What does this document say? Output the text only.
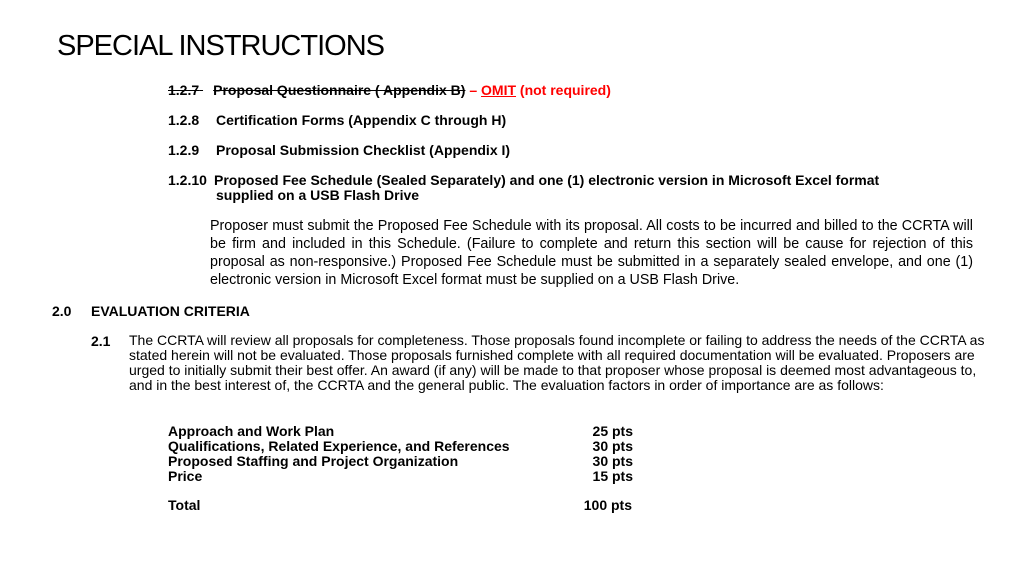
SPECIAL INSTRUCTIONS
1.2.7 Proposal Questionnaire ( Appendix B) – OMIT (not required)
1.2.8 Certification Forms (Appendix C through H)
1.2.9 Proposal Submission Checklist (Appendix I)
1.2.10 Proposed Fee Schedule (Sealed Separately) and one (1) electronic version in Microsoft Excel format
supplied on a USB Flash Drive
Proposer must submit the Proposed Fee Schedule with its proposal. All costs to be incurred and billed to the CCRTA will be firm and included in this Schedule. (Failure to complete and return this section will be cause for rejection of this proposal as non-responsive.) Proposed Fee Schedule must be submitted in a separately sealed envelope, and one (1) electronic version in Microsoft Excel format must be supplied on a USB Flash Drive.
2.0 EVALUATION CRITERIA
2.1 The CCRTA will review all proposals for completeness. Those proposals found incomplete or failing to address the needs of the CCRTA as stated herein will not be evaluated. Those proposals furnished complete with all required documentation will be evaluated. Proposers are urged to initially submit their best offer. An award (if any) will be made to that proposer whose proposal is deemed most advantageous to, and in the best interest of, the CCRTA and the general public. The evaluation factors in order of importance are as follows:
Approach and Work Plan	25 pts
Qualifications, Related Experience, and References	30 pts
Proposed Staffing and Project Organization	30 pts
Price	15 pts
Total	100 pts
